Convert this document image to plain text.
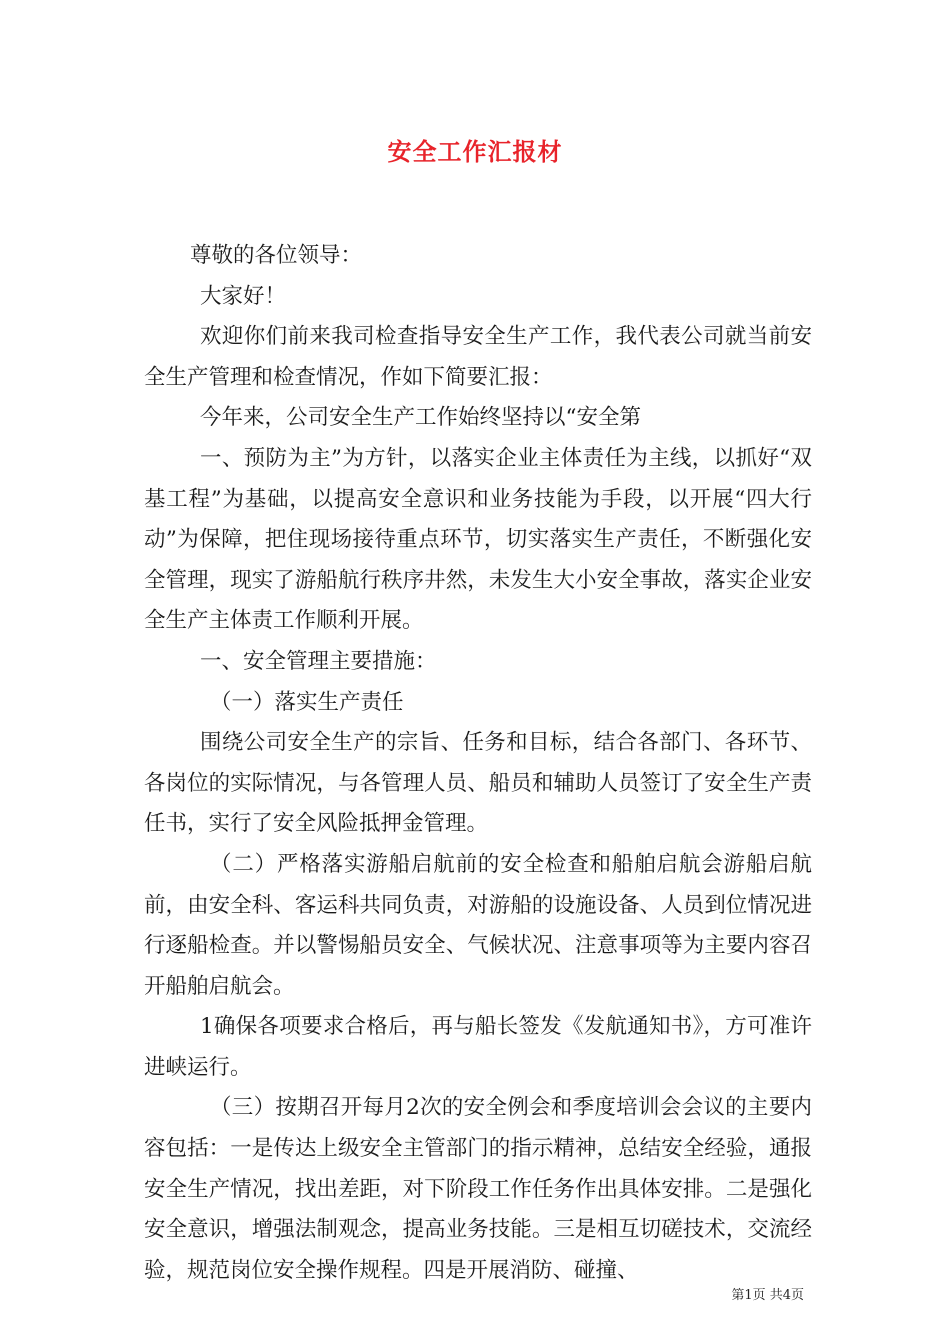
安全工作汇报材

尊敬的各位领导：

大家好！

欢迎你们前来我司检查指导安全生产工作，我代表公司就当前安全生产管理和检查情况，作如下简要汇报：

今年来，公司安全生产工作始终坚持以“安全第

一、预防为主”为方针，以落实企业主体责任为主线，以抓好“双基工程”为基础，以提高安全意识和业务技能为手段，以开展“四大行动”为保障，把住现场接待重点环节，切实落实生产责任，不断强化安全管理，现实了游船航行秩序井然，未发生大小安全事故，落实企业安全生产主体责工作顺利开展。

一、安全管理主要措施：

（一）落实生产责任

围绕公司安全生产的宗旨、任务和目标，结合各部门、各环节、各岗位的实际情况，与各管理人员、船员和辅助人员签订了安全生产责任书，实行了安全风险抵押金管理。

（二）严格落实游船启航前的安全检查和船舶启航会游船启航前，由安全科、客运科共同负责，对游船的设施设备、人员到位情况进行逐船检查。并以警惕船员安全、气候状况、注意事项等为主要内容召开船舶启航会。

1确保各项要求合格后，再与船长签发《发航通知书》，方可准许进峡运行。

（三）按期召开每月2次的安全例会和季度培训会会议的主要内容包括：一是传达上级安全主管部门的指示精神，总结安全经验，通报安全生产情况，找出差距，对下阶段工作任务作出具体安排。二是强化安全意识，增强法制观念，提高业务技能。三是相互切磋技术，交流经验，规范岗位安全操作规程。四是开展消防、碰撞、

第1页 共4页
